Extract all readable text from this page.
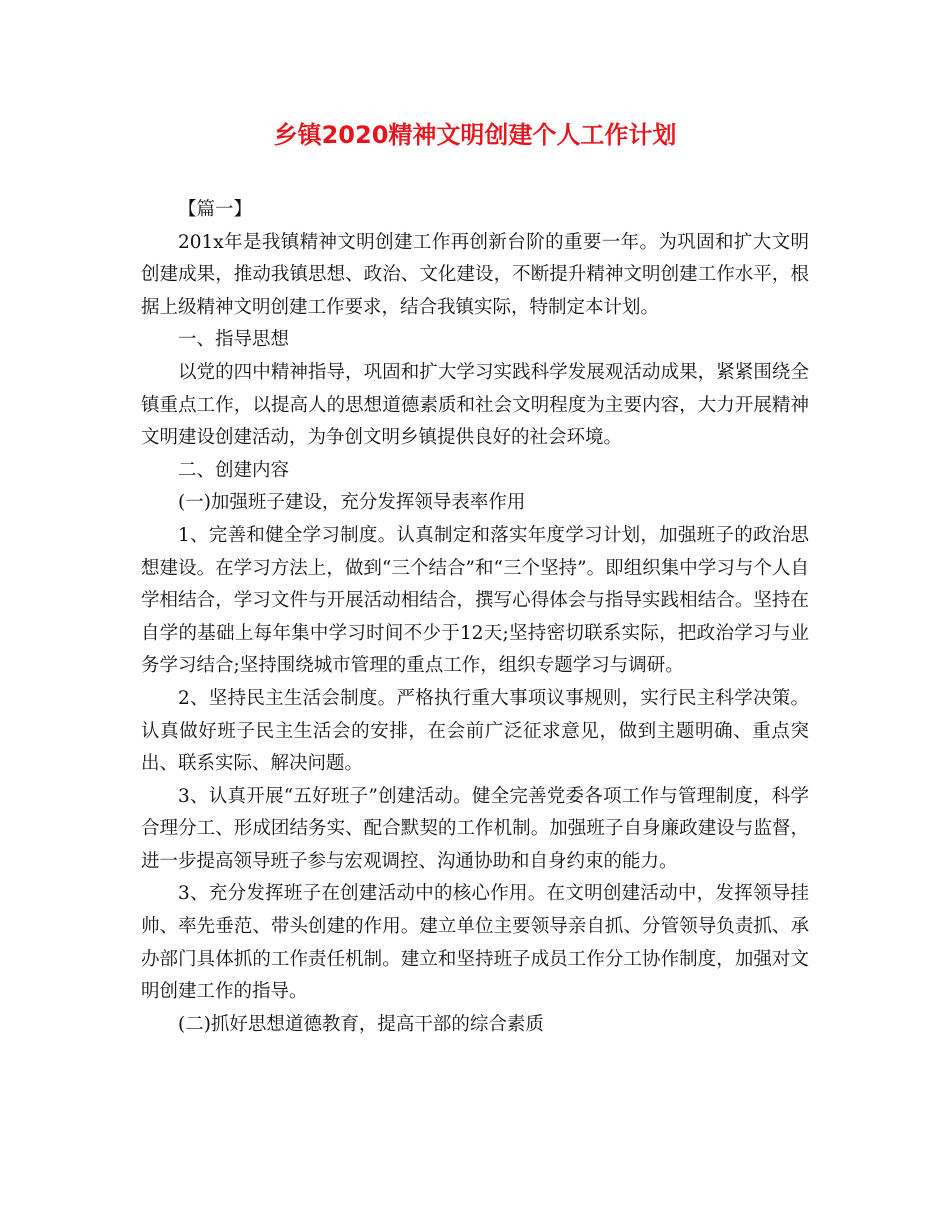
乡镇2020精神文明创建个人工作计划

【篇一】

201x年是我镇精神文明创建工作再创新台阶的重要一年。为巩固和扩大文明创建成果，推动我镇思想、政治、文化建设，不断提升精神文明创建工作水平，根据上级精神文明创建工作要求，结合我镇实际，特制定本计划。

一、指导思想

以党的四中精神指导，巩固和扩大学习实践科学发展观活动成果，紧紧围绕全镇重点工作，以提高人的思想道德素质和社会文明程度为主要内容，大力开展精神文明建设创建活动，为争创文明乡镇提供良好的社会环境。

二、创建内容

(一)加强班子建设，充分发挥领导表率作用

1、完善和健全学习制度。认真制定和落实年度学习计划，加强班子的政治思想建设。在学习方法上，做到“三个结合”和“三个坚持”。即组织集中学习与个人自学相结合，学习文件与开展活动相结合，撰写心得体会与指导实践相结合。坚持在自学的基础上每年集中学习时间不少于12天;坚持密切联系实际，把政治学习与业务学习结合;坚持围绕城市管理的重点工作，组织专题学习与调研。

2、坚持民主生活会制度。严格执行重大事项议事规则，实行民主科学决策。认真做好班子民主生活会的安排，在会前广泛征求意见，做到主题明确、重点突出、联系实际、解决问题。

3、认真开展“五好班子”创建活动。健全完善党委各项工作与管理制度，科学合理分工、形成团结务实、配合默契的工作机制。加强班子自身廉政建设与监督，进一步提高领导班子参与宏观调控、沟通协助和自身约束的能力。

3、充分发挥班子在创建活动中的核心作用。在文明创建活动中，发挥领导挂帅、率先垂范、带头创建的作用。建立单位主要领导亲自抓、分管领导负责抓、承办部门具体抓的工作责任机制。建立和坚持班子成员工作分工协作制度，加强对文明创建工作的指导。

(二)抓好思想道德教育，提高干部的综合素质
